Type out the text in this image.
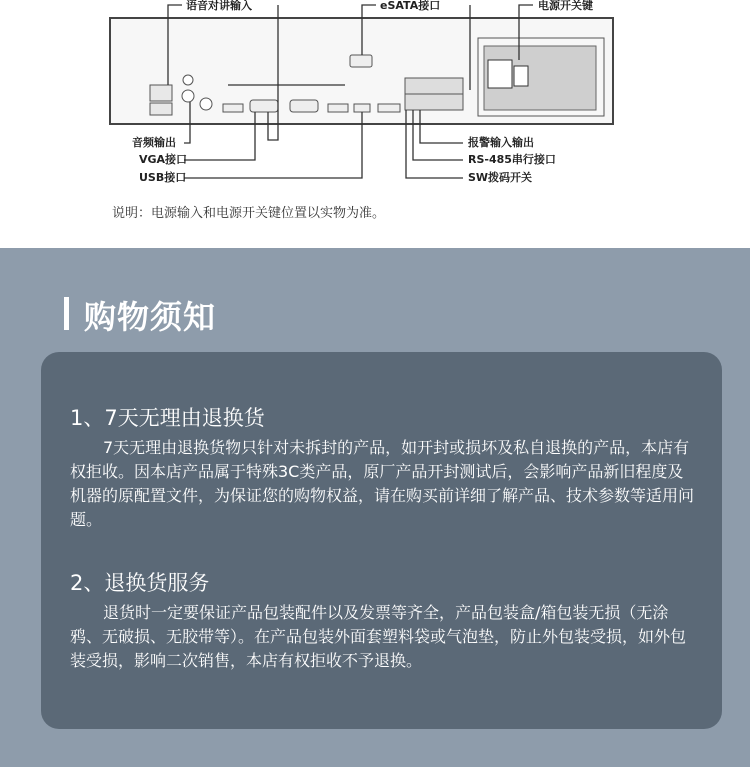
语音对讲输入	eSATA接口	电源开关键
音频输出
VGA接口
USB接口
报警输入输出
RS-485串行接口
SW拨码开关
说明：电源输入和电源开关键位置以实物为准。
购物须知
1、7天无理由退换货

7天无理由退换货物只针对未拆封的产品，如开封或损坏及私自退换的产品，本店有权拒收。因本店产品属于特殊3C类产品，原厂产品开封测试后，会影响产品新旧程度及机器的原配置文件，为保证您的购物权益，请在购买前详细了解产品、技术参数等适用问题。

2、退换货服务

退货时一定要保证产品包装配件以及发票等齐全，产品包装盒/箱包装无损（无涂鸦、无破损、无胶带等）。在产品包装外面套塑料袋或气泡垫，防止外包装受损，如外包装受损，影响二次销售，本店有权拒收不予退换。
